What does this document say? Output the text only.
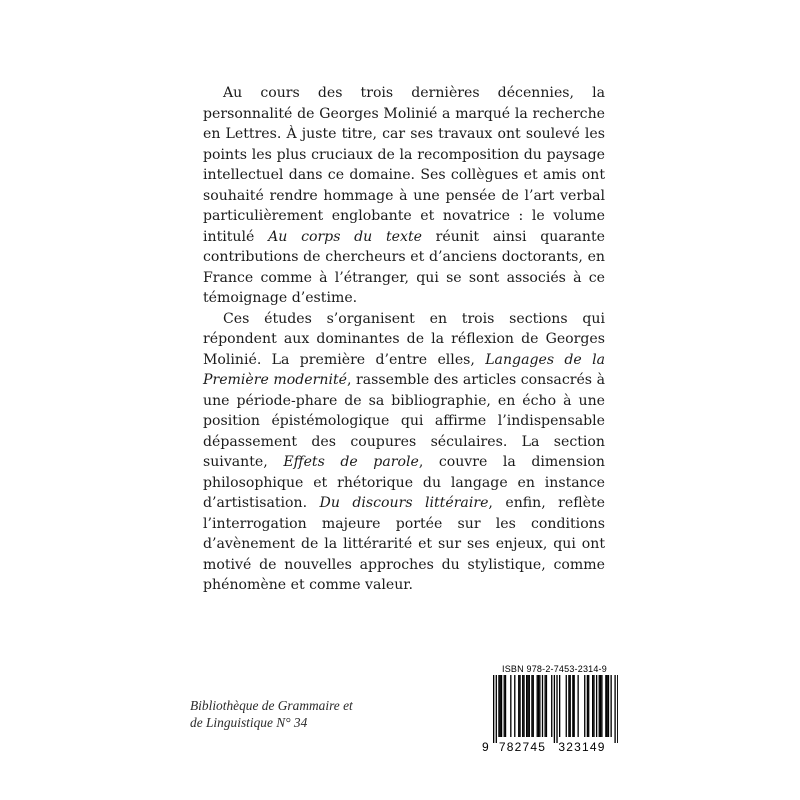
Au cours des trois dernières décennies, la personnalité de Georges Molinié a marqué la recherche en Lettres. À juste titre, car ses travaux ont soulevé les points les plus cruciaux de la recomposition du paysage intellectuel dans ce domaine. Ses collègues et amis ont souhaité rendre hommage à une pensée de l’art verbal particulièrement englobante et novatrice : le volume intitulé Au corps du texte réunit ainsi quarante contributions de chercheurs et d’anciens doctorants, en France comme à l’étranger, qui se sont associés à ce témoignage d’estime.

Ces études s’organisent en trois sections qui répondent aux dominantes de la réflexion de Georges Molinié. La première d’entre elles, Langages de la Première modernité, rassemble des articles consacrés à une période-phare de sa bibliographie, en écho à une position épistémologique qui affirme l’indispensable dépassement des coupures séculaires. La section suivante, Effets de parole, couvre la dimension philosophique et rhétorique du langage en instance d’artistisation. Du discours littéraire, enfin, reflète l’interrogation majeure portée sur les conditions d’avènement de la littérarité et sur ses enjeux, qui ont motivé de nouvelles approches du stylistique, comme phénomène et comme valeur.

Bibliothèque de Grammaire et
de Linguistique N° 34
ISBN 978-2-7453-2314-9
9 782745 323149
